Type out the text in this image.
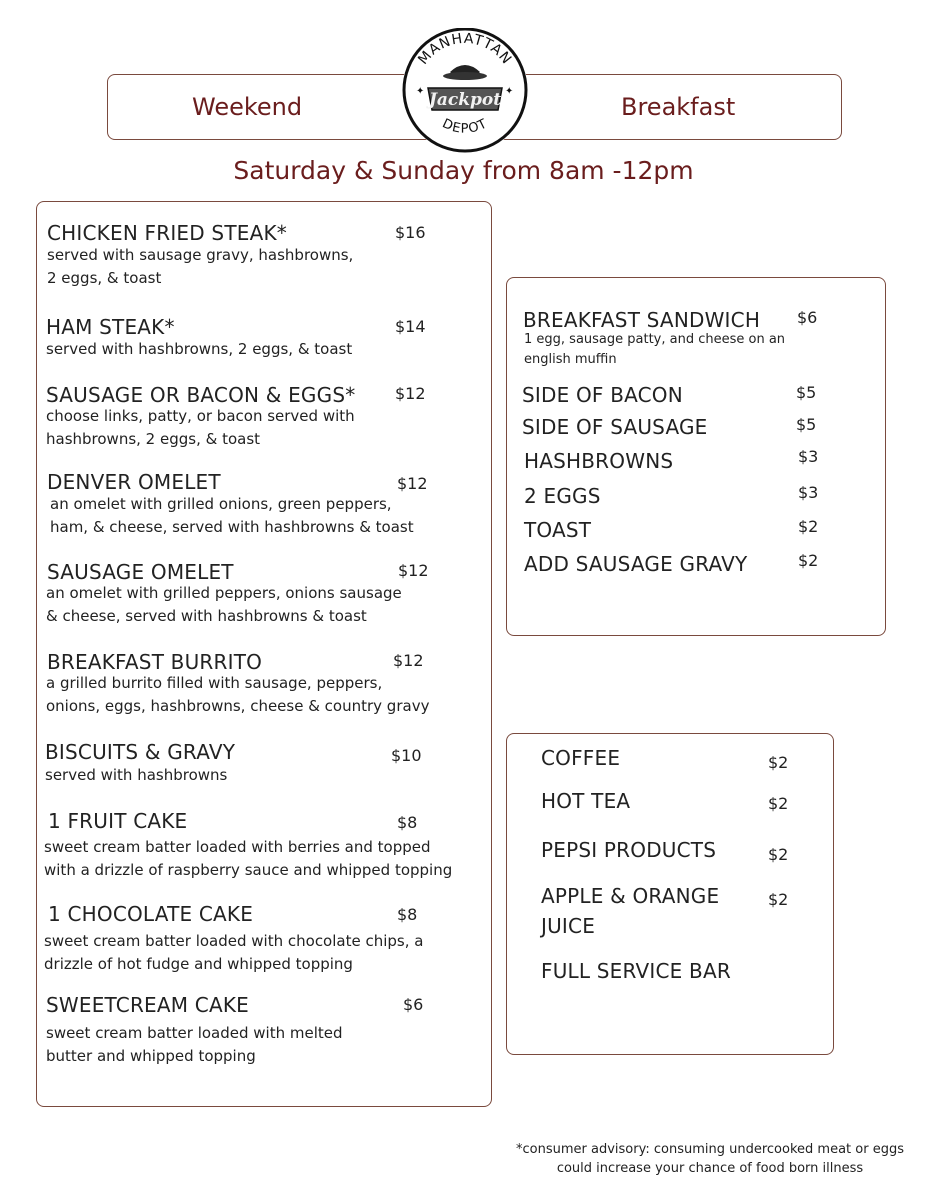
Weekend	Breakfast
MANHATTAN
DEPOT
Jackpot
✦	✦
Saturday & Sunday from 8am -12pm
CHICKEN FRIED STEAK*	$16
served with sausage gravy, hashbrowns,
2 eggs, & toast
HAM STEAK*	$14
served with hashbrowns, 2 eggs, & toast
SAUSAGE OR BACON & EGGS* $12
choose links, patty, or bacon served with
hashbrowns, 2 eggs, & toast
DENVER OMELET	$12
an omelet with grilled onions, green peppers,
ham, & cheese, served with hashbrowns & toast
SAUSAGE OMELET	$12
an omelet with grilled peppers, onions sausage
& cheese, served with hashbrowns & toast
BREAKFAST BURRITO	$12
a grilled burrito filled with sausage, peppers,
onions, eggs, hashbrowns, cheese & country gravy
BISCUITS & GRAVY	$10
served with hashbrowns
1 FRUIT CAKE	$8
sweet cream batter loaded with berries and topped
with a drizzle of raspberry sauce and whipped topping
1 CHOCOLATE CAKE	$8
sweet cream batter loaded with chocolate chips, a
drizzle of hot fudge and whipped topping
SWEETCREAM CAKE	$6
sweet cream batter loaded with melted
butter and whipped topping
BREAKFAST SANDWICH $6
1 egg, sausage patty, and cheese on an
english muffin
SIDE OF BACON	$5
SIDE OF SAUSAGE	$5
HASHBROWNS	$3
2 EGGS	$3
TOAST	$2
ADD SAUSAGE GRAVY	$2
COFFEE	$2
HOT TEA	$2
PEPSI PRODUCTS	$2
APPLE & ORANGE
JUICE
$2
FULL SERVICE BAR
*consumer advisory: consuming undercooked meat or eggs
could increase your chance of food born illness
